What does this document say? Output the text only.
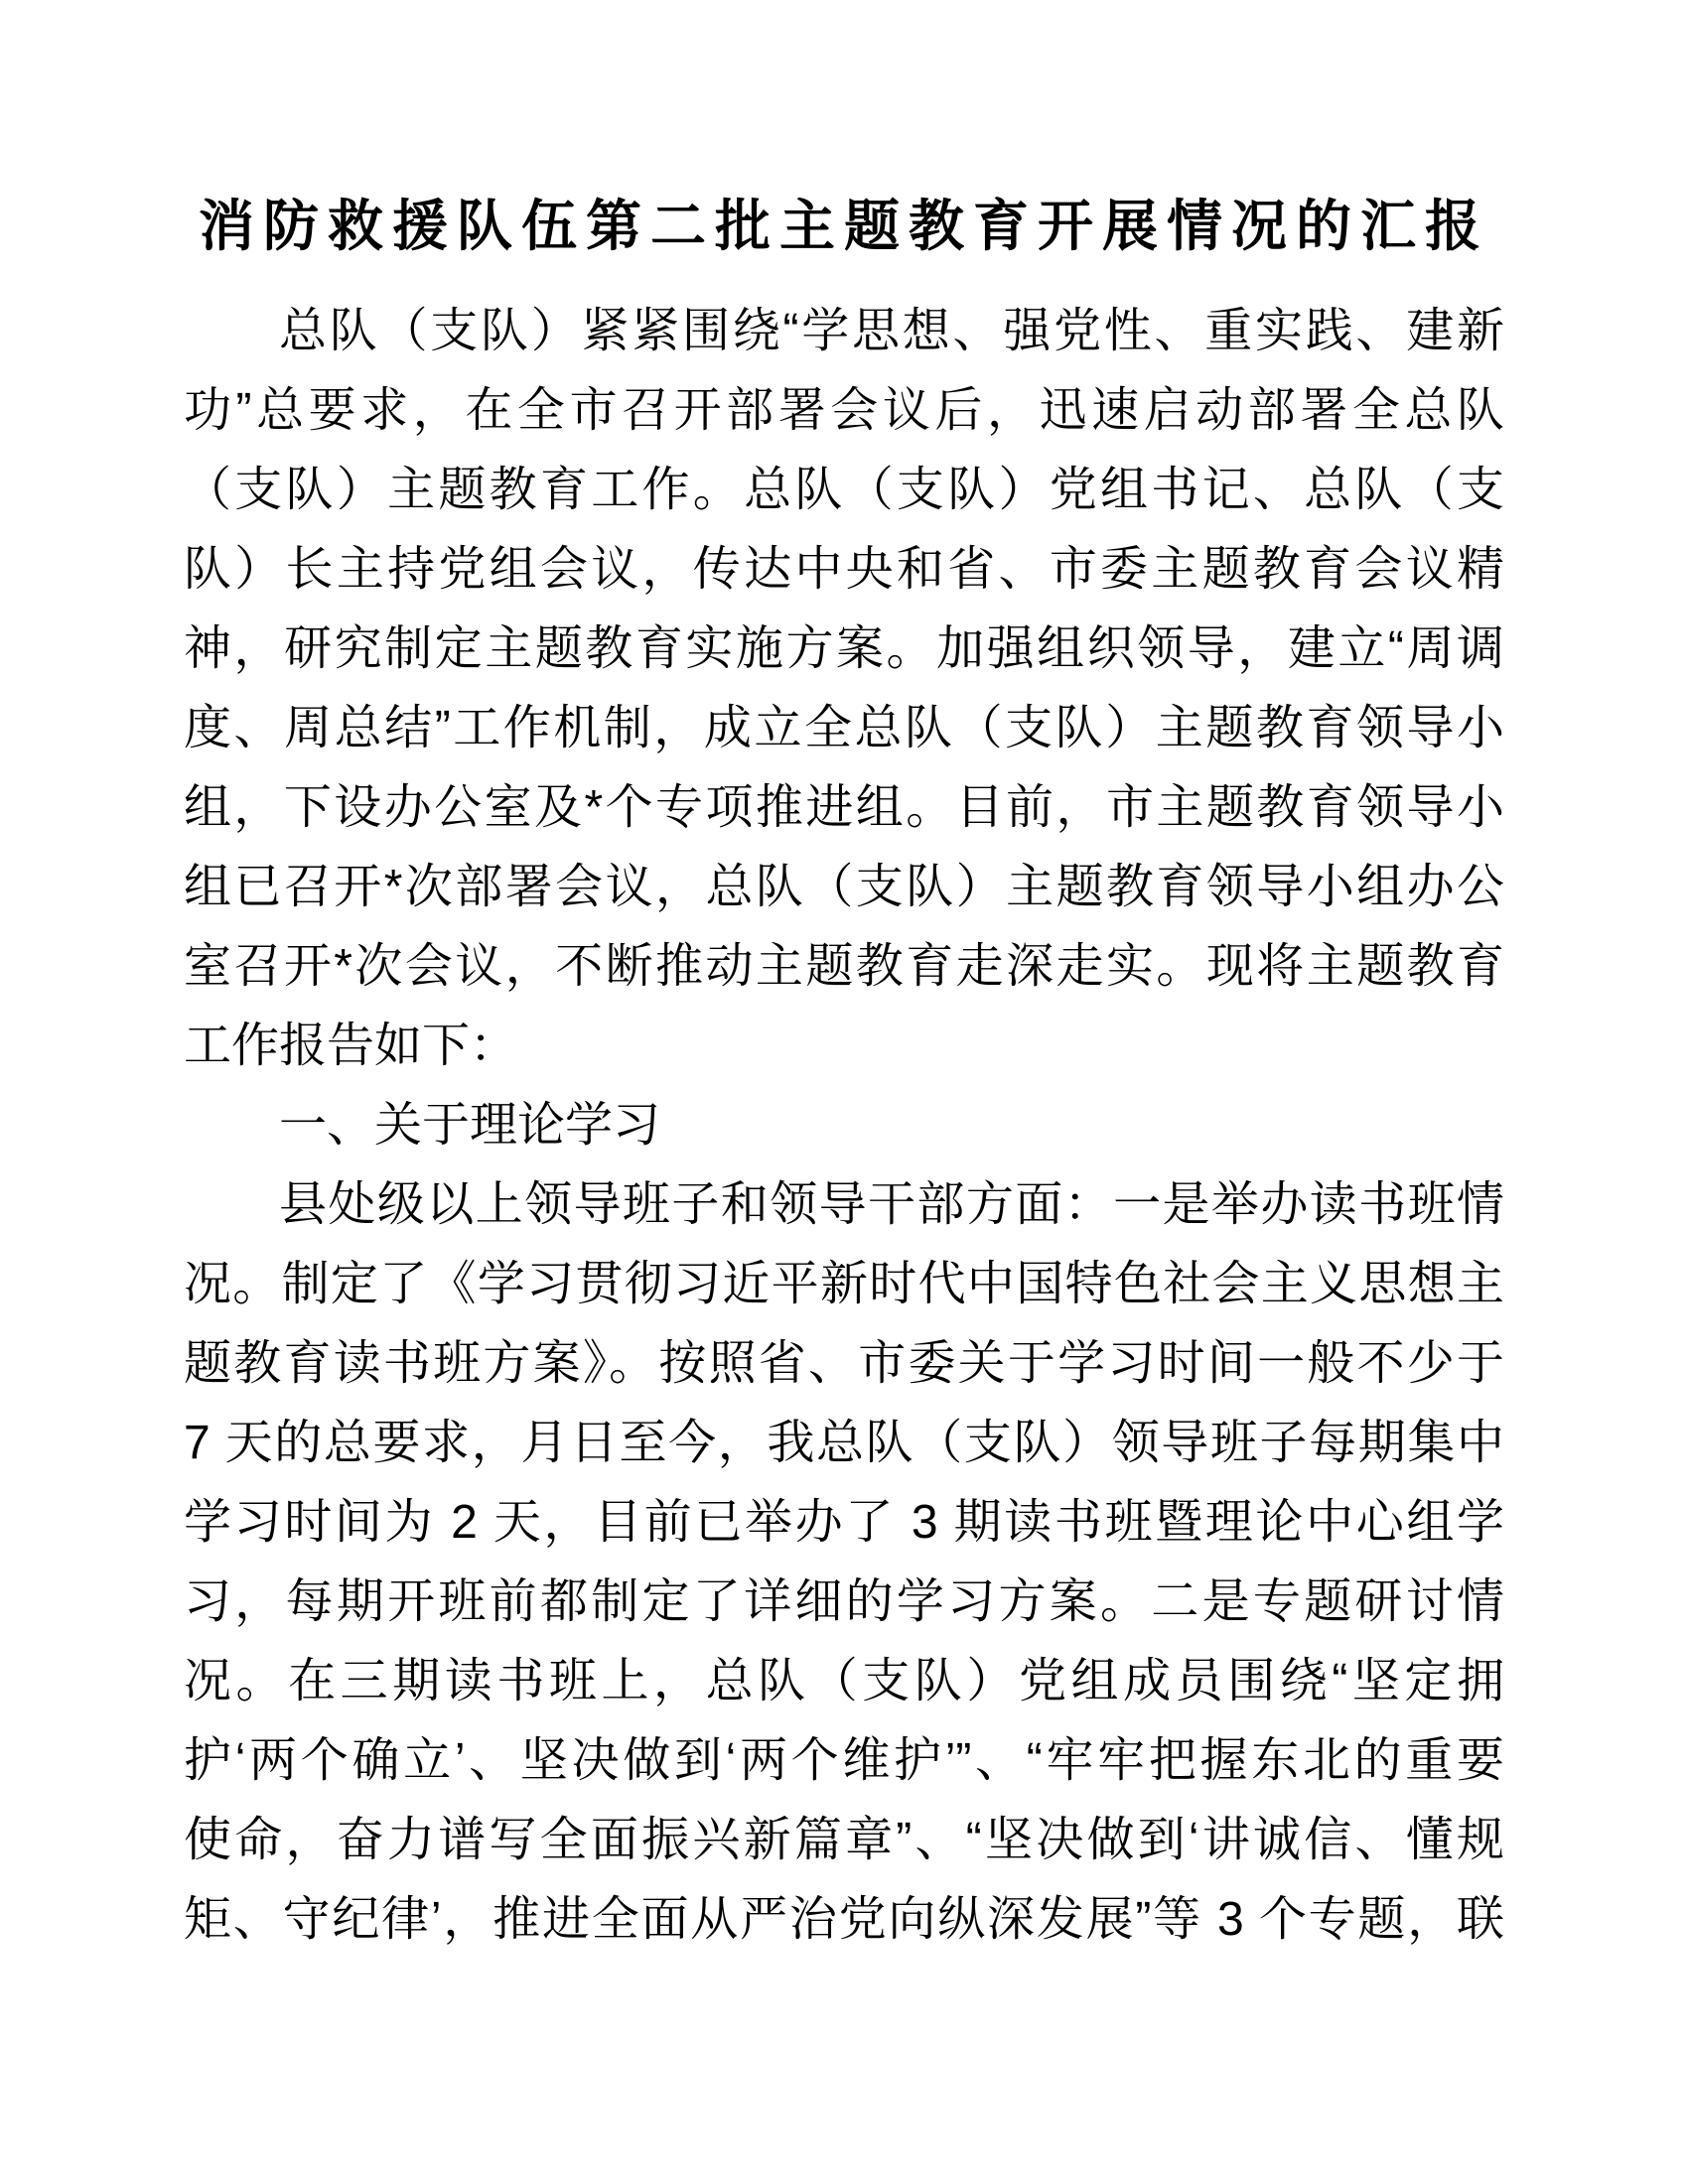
消防救援队伍第二批主题教育开展情况的汇报
总队（支队）紧紧围绕“学思想、强党性、重实践、建新
功”总要求，在全市召开部署会议后，迅速启动部署全总队
（支队）主题教育工作。总队（支队）党组书记、总队（支
队）长主持党组会议，传达中央和省、市委主题教育会议精
神，研究制定主题教育实施方案。加强组织领导，建立“周调
度、周总结”工作机制，成立全总队（支队）主题教育领导小
组，下设办公室及*个专项推进组。目前，市主题教育领导小
组已召开*次部署会议，总队（支队）主题教育领导小组办公
室召开*次会议，不断推动主题教育走深走实。现将主题教育
工作报告如下：
一、关于理论学习
县处级以上领导班子和领导干部方面：一是举办读书班情
况。制定了《学习贯彻习近平新时代中国特色社会主义思想主
题教育读书班方案》。按照省、市委关于学习时间一般不少于
7 天的总要求，月日至今，我总队（支队）领导班子每期集中
学习时间为 2 天，目前已举办了 3 期读书班暨理论中心组学
习，每期开班前都制定了详细的学习方案。二是专题研讨情
况。在三期读书班上，总队（支队）党组成员围绕“坚定拥
护‘两个确立’、坚决做到‘两个维护’”、“牢牢把握东北的重要
使命，奋力谱写全面振兴新篇章”、“坚决做到‘讲诚信、懂规
矩、守纪律’，推进全面从严治党向纵深发展”等 3 个专题，联
